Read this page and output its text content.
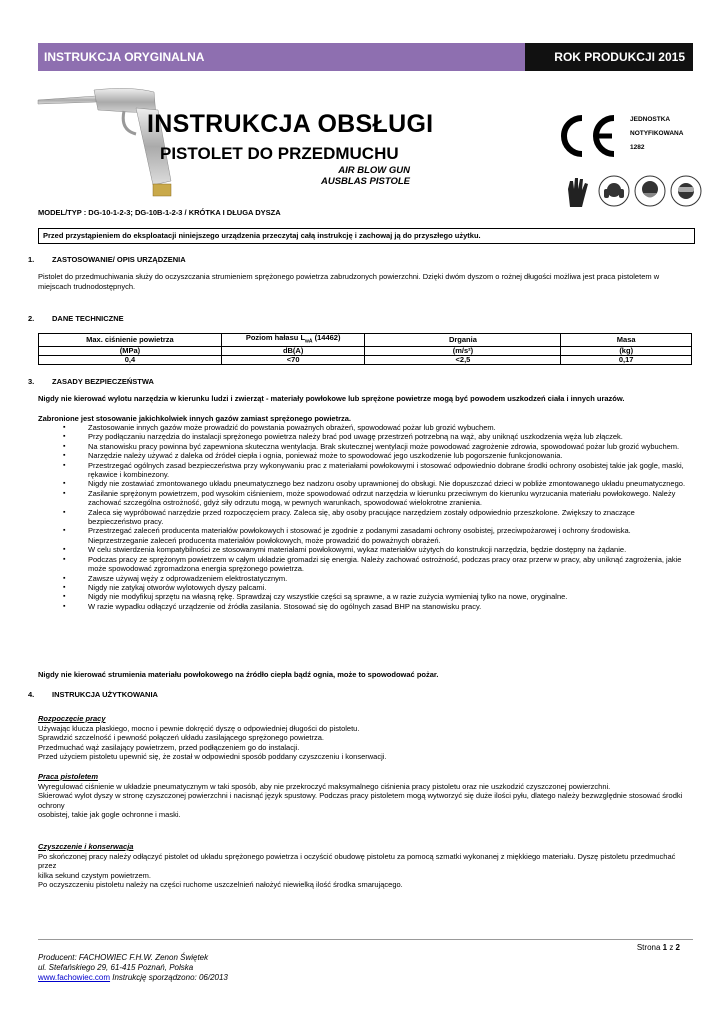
INSTRUKCJA ORYGINALNA	ROK PRODUKCJI 2015
INSTRUKCJA OBSŁUGI
PISTOLET DO PRZEDMUCHU
AIR BLOW GUN
AUSBLAS PISTOLE
JEDNOSTKA
NOTYFIKOWANA
1282
MODEL/TYP : DG-10-1-2-3; DG-10B-1-2-3 / KRÓTKA I DŁUGA DYSZA
Przed przystąpieniem do eksploatacji niniejszego urządzenia przeczytaj całą instrukcję i zachowaj ją do przyszłego użytku.
1. ZASTOSOWANIE/ OPIS URZĄDZENIA
Pistolet do przedmuchiwania służy do oczyszczania strumieniem sprężonego powietrza zabrudzonych powierzchni. Dzięki dwóm dyszom o rożnej długości możliwa jest praca pistoletem w miejscach trudnodostępnych.
2. DANE TECHNICZNE
Max. ciśnienie powietrza	Poziom hałasu $L_{wA}$ (14462)	Drgania	Masa
(MPa)	dB(A)	(m/s²)	(kg)
0,4	<70	<2,5	0,17
3. ZASADY BEZPIECZEŃSTWA
Nigdy nie kierować wylotu narzędzia w kierunku ludzi i zwierząt - materiały powłokowe lub sprężone powietrze mogą być powodem uszkodzeń ciała i innych urazów.
Zabronione jest stosowanie jakichkolwiek innych gazów zamiast sprężonego powietrza.
▪ Zastosowanie innych gazów może prowadzić do powstania poważnych obrażeń, spowodować pożar lub grozić wybuchem.
▪ Przy podłączaniu narzędzia do instalacji sprężonego powietrza należy brać pod uwagę przestrzeń potrzebną na wąż, aby uniknąć uszkodzenia węża lub złączek.
▪ Na stanowisku pracy powinna być zapewniona skuteczna wentylacja. Brak skutecznej wentylacji może powodować zagrożenie zdrowia, spowodować pożar lub grozić wybuchem.
▪ Narzędzie należy używać z daleka od źródeł ciepła i ognia, ponieważ może to spowodować jego uszkodzenie lub pogorszenie funkcjonowania.
▪ Przestrzegać ogólnych zasad bezpieczeństwa przy wykonywaniu prac z materiałami powłokowymi i stosować odpowiednio dobrane środki ochrony osobistej takie jak gogle, maski, rękawice i kombinezony.
▪ Nigdy nie zostawiać zmontowanego układu pneumatycznego bez nadzoru osoby uprawnionej do obsługi. Nie dopuszczać dzieci w pobliże zmontowanego układu pneumatycznego.
▪ Zasilanie sprężonym powietrzem, pod wysokim ciśnieniem, może spowodować odrzut narzędzia w kierunku przeciwnym do kierunku wyrzucania materiału powłokowego. Należy zachować szczególna ostrożność, gdyż siły odrzutu mogą, w pewnych warunkach, spowodować wielokrotne zranienia.
▪ Zaleca się wypróbować narzędzie przed rozpoczęciem pracy. Zaleca się, aby osoby pracujące narzędziem zostały odpowiednio przeszkolone. Zwiększy to znaczące bezpieczeństwo pracy.
▪ Przestrzegać zaleceń producenta materiałów powłokowych i stosować je zgodnie z podanymi zasadami ochrony osobistej, przeciwpożarowej i ochrony środowiska. Nieprzestrzeganie zaleceń producenta materiałów powłokowych, może prowadzić do poważnych obrażeń.
▪ W celu stwierdzenia kompatybilności ze stosowanymi materiałami powłokowymi, wykaz materiałów użytych do konstrukcji narzędzia, będzie dostępny na żądanie.
▪ Podczas pracy ze sprężonym powietrzem w całym układzie gromadzi się energia. Należy zachować ostrożność, podczas pracy oraz przerw w pracy, aby uniknąć zagrożenia, jakie może spowodować zgromadzona energia sprężonego powietrza.
▪ Zawsze używaj węży z odprowadzeniem elektrostatycznym.
▪ Nigdy nie zatykaj otworów wylotowych dyszy palcami.
▪ Nigdy nie modyfikuj sprzętu na własną rękę. Sprawdzaj czy wszystkie części są sprawne, a w razie zużycia wymieniaj tylko na nowe, oryginalne.
▪ W razie wypadku odłączyć urządzenie od źródła zasilania. Stosować się do ogólnych zasad BHP na stanowisku pracy.
Nigdy nie kierować strumienia materiału powłokowego na źródło ciepła bądź ognia, może to spowodować pożar.
4. INSTRUKCJA UŻYTKOWANIA
Rozpoczęcie pracy
Używając klucza płaskiego, mocno i pewnie dokręcić dyszę o odpowiedniej długości do pistoletu.
Sprawdzić szczelność i pewność połączeń układu zasilającego sprężonego powietrza.
Przedmuchać wąż zasilający powietrzem, przed podłączeniem go do instalacji.
Przed użyciem pistoletu upewnić się, że został w odpowiedni sposób poddany czyszczeniu i konserwacji.
Praca pistoletem
Wyregulować ciśnienie w układzie pneumatycznym w taki sposób, aby nie przekroczyć maksymalnego ciśnienia pracy pistoletu oraz nie uszkodzić czyszczonej powierzchni.
Skierować wylot dyszy w stronę czyszczonej powierzchni i nacisnąć język spustowy. Podczas pracy pistoletem mogą wytworzyć się duże ilości pyłu, dlatego należy bezwzględnie stosować środki ochrony
osobistej, takie jak gogle ochronne i maski.
Czyszczenie i konserwacja
Po skończonej pracy należy odłączyć pistolet od układu sprężonego powietrza i oczyścić obudowę pistoletu za pomocą szmatki wykonanej z miękkiego materiału. Dyszę pistoletu przedmuchać przez
kilka sekund czystym powietrzem.
Po oczyszczeniu pistoletu należy na części ruchome uszczelnień nałożyć niewielką ilość środka smarującego.
Strona 1 z 2
Producent: FACHOWIEC F.H.W. Zenon Świętek
ul. Stefańskiego 29, 61-415 Poznań, Polska
www.fachowiec.com Instrukcję sporządzono: 06/2013
